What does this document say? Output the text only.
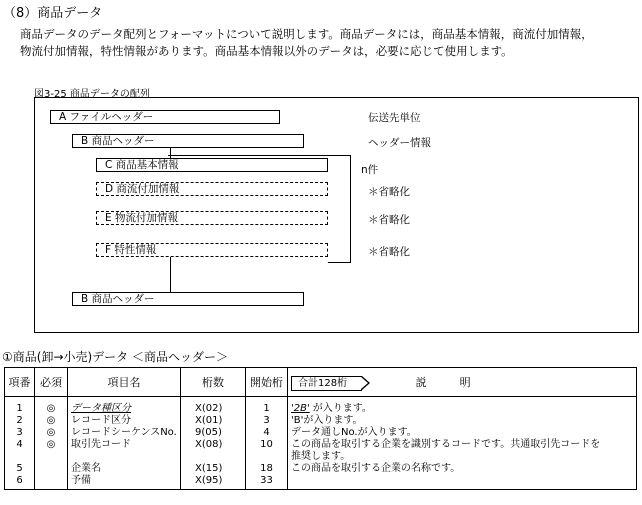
（8）商品データ
商品データのデータ配列とフォーマットについて説明します。商品データには，商品基本情報，商流付加情報，
物流付加情報，特性情報があります。商品基本情報以外のデータは，必要に応じて使用します。
図3-25 商品データの配列
A ファイルヘッダー
B 商品ヘッダー
C 商品基本情報
D 商流付加情報
E 物流付加情報
F 特性情報
B 商品ヘッダー
伝送先単位
ヘッダー情報
n件
＊省略化
＊省略化
＊省略化
①商品(卸→小売)データ ＜商品ヘッダー＞
項番	必須	項目名	桁数	開始桁	合計128桁 説　　　明
1	◎	データ種区分	X(02)	1	'2B' が入ります。
2	◎	レコード区分	X(01)	3	'B'が入ります。
3	◎	レコードシーケンスNo.	9(05)	4	データ通しNo.が入ります。
4	◎	取引先コード	X(08)	10	この商品を取引する企業を識別するコードです。共通取引先コードを
					推奨します。
5		企業名	X(15)	18	この商品を取引する企業の名称です。
6		予備	X(95)	33	
